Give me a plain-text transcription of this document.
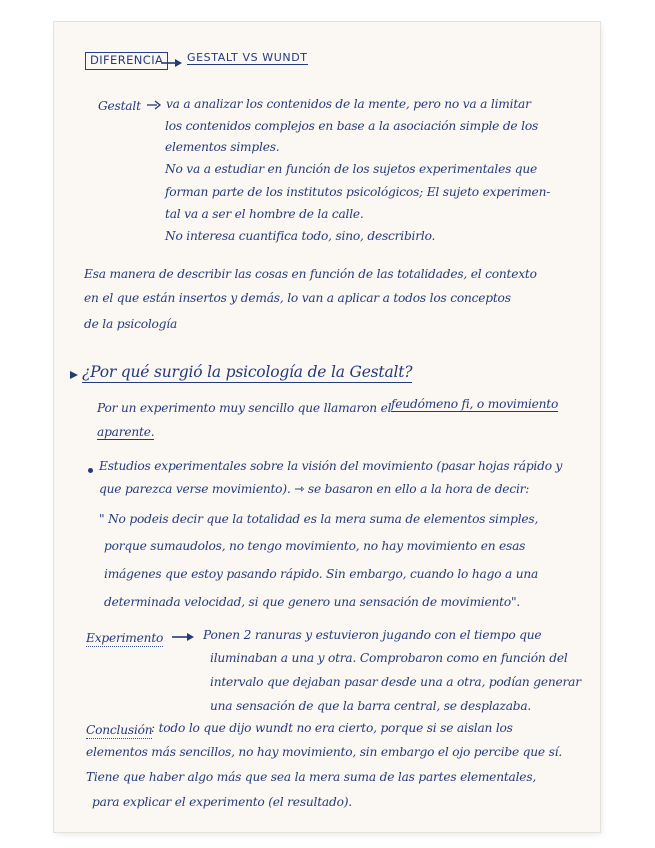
DIFERENCIA	GESTALT VS WUNDT
Gestalt va a analizar los contenidos de la mente, pero no va a limitar
los contenidos complejos en base a la asociación simple de los
elementos simples.
No va a estudiar en función de los sujetos experimentales que
forman parte de los institutos psicológicos; El sujeto experimen-
tal va a ser el hombre de la calle.
No interesa cuantifica todo, sino, describirlo.
Esa manera de describir las cosas en función de las totalidades, el contexto
en el que están insertos y demás, lo van a aplicar a todos los conceptos
de la psicología
¿Por qué surgió la psicología de la Gestalt?
Por un experimento muy sencillo que llamaron el feudómeno fi, o movimiento
aparente.
Estudios experimentales sobre la visión del movimiento (pasar hojas rápido y
que parezca verse movimiento). ⇾ se basaron en ello a la hora de decir:
" No podeis decir que la totalidad es la mera suma de elementos simples,
porque sumaudolos, no tengo movimiento, no hay movimiento en esas
imágenes que estoy pasando rápido. Sin embargo, cuando lo hago a una
determinada velocidad, si que genero una sensación de movimiento".
Experimento	Ponen 2 ranuras y estuvieron jugando con el tiempo que
iluminaban a una y otra. Comprobaron como en función del
intervalo que dejaban pasar desde una a otra, podían generar
una sensación de que la barra central, se desplazaba.
Conclusión
: todo lo que dijo wundt no era cierto, porque si se aislan los
elementos más sencillos, no hay movimiento, sin embargo el ojo percibe que sí.
Tiene que haber algo más que sea la mera suma de las partes elementales,
para explicar el experimento (el resultado).
